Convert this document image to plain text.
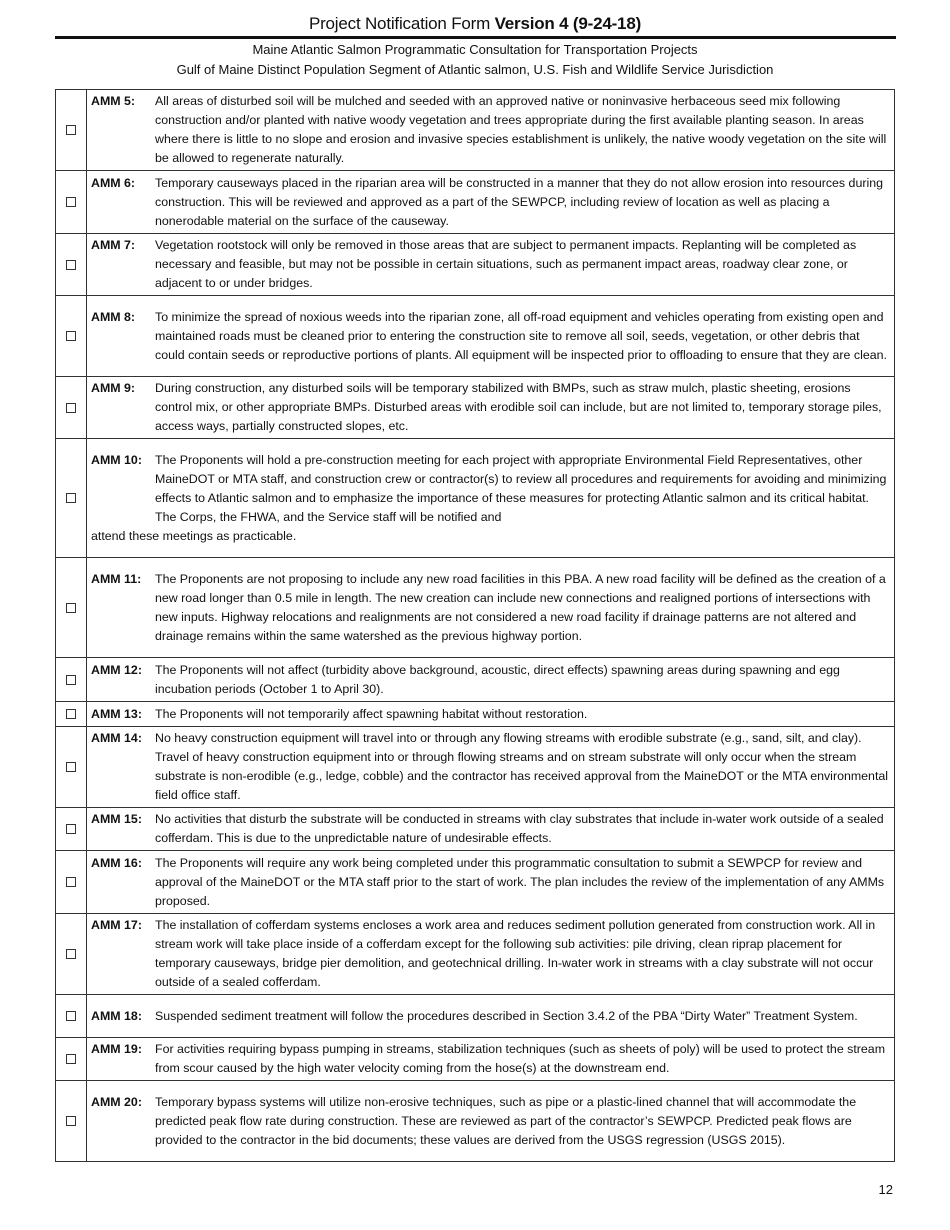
Project Notification Form Version 4 (9-24-18)
Maine Atlantic Salmon Programmatic Consultation for Transportation Projects
Gulf of Maine Distinct Population Segment of Atlantic salmon, U.S. Fish and Wildlife Service Jurisdiction

	AMM 5: All areas of disturbed soil will be mulched and seeded with an approved native or noninvasive herbaceous seed mix following construction and/or planted with native woody vegetation and trees appropriate during the first available planting season. In areas where there is little to no slope and erosion and invasive species establishment is unlikely, the native woody vegetation on the site will be allowed to regenerate naturally.

	AMM 6: Temporary causeways placed in the riparian area will be constructed in a manner that they do not allow erosion into resources during construction. This will be reviewed and approved as a part of the SEWPCP, including review of location as well as placing a nonerodable material on the surface of the causeway.

	AMM 7: Vegetation rootstock will only be removed in those areas that are subject to permanent impacts. Replanting will be completed as necessary and feasible, but may not be possible in certain situations, such as permanent impact areas, roadway clear zone, or adjacent to or under bridges.

	AMM 8: To minimize the spread of noxious weeds into the riparian zone, all off-road equipment and vehicles operating from existing open and maintained roads must be cleaned prior to entering the construction site to remove all soil, seeds, vegetation, or other debris that could contain seeds or reproductive portions of plants. All equipment will be inspected prior to offloading to ensure that they are clean.

	AMM 9: During construction, any disturbed soils will be temporary stabilized with BMPs, such as straw mulch, plastic sheeting, erosions control mix, or other appropriate BMPs. Disturbed areas with erodible soil can include, but are not limited to, temporary storage piles, access ways, partially constructed slopes, etc.

	AMM 10: The Proponents will hold a pre-construction meeting for each project with appropriate Environmental Field Representatives, other MaineDOT or MTA staff, and construction crew or contractor(s) to review all procedures and requirements for avoiding and minimizing effects to Atlantic salmon and to emphasize the importance of these measures for protecting Atlantic salmon and its critical habitat. The Corps, the FHWA, and the Service staff will be notified and
attend these meetings as practicable.

	AMM 11: The Proponents are not proposing to include any new road facilities in this PBA. A new road facility will be defined as the creation of a new road longer than 0.5 mile in length. The new creation can include new connections and realigned portions of intersections with new inputs. Highway relocations and realignments are not considered a new road facility if drainage patterns are not altered and drainage remains within the same watershed as the previous highway portion.

	AMM 12: The Proponents will not affect (turbidity above background, acoustic, direct effects) spawning areas during spawning and egg incubation periods (October 1 to April 30).

	AMM 13: The Proponents will not temporarily affect spawning habitat without restoration.

	AMM 14: No heavy construction equipment will travel into or through any flowing streams with erodible substrate (e.g., sand, silt, and clay). Travel of heavy construction equipment into or through flowing streams and on stream substrate will only occur when the stream substrate is non-erodible (e.g., ledge, cobble) and the contractor has received approval from the MaineDOT or the MTA environmental field office staff.

	AMM 15: No activities that disturb the substrate will be conducted in streams with clay substrates that include in-water work outside of a sealed cofferdam. This is due to the unpredictable nature of undesirable effects.

	AMM 16: The Proponents will require any work being completed under this programmatic consultation to submit a SEWPCP for review and approval of the MaineDOT or the MTA staff prior to the start of work. The plan includes the review of the implementation of any AMMs proposed.

	AMM 17: The installation of cofferdam systems encloses a work area and reduces sediment pollution generated from construction work. All in stream work will take place inside of a cofferdam except for the following sub activities: pile driving, clean riprap placement for temporary causeways, bridge pier demolition, and geotechnical drilling. In-water work in streams with a clay substrate will not occur outside of a sealed cofferdam.

	AMM 18: Suspended sediment treatment will follow the procedures described in Section 3.4.2 of the PBA “Dirty Water” Treatment System.

	AMM 19: For activities requiring bypass pumping in streams, stabilization techniques (such as sheets of poly) will be used to protect the stream from scour caused by the high water velocity coming from the hose(s) at the downstream end.

	AMM 20: Temporary bypass systems will utilize non-erosive techniques, such as pipe or a plastic-lined channel that will accommodate the predicted peak flow rate during construction. These are reviewed as part of the contractor’s SEWPCP. Predicted peak flows are provided to the contractor in the bid documents; these values are derived from the USGS regression (USGS 2015).
12
